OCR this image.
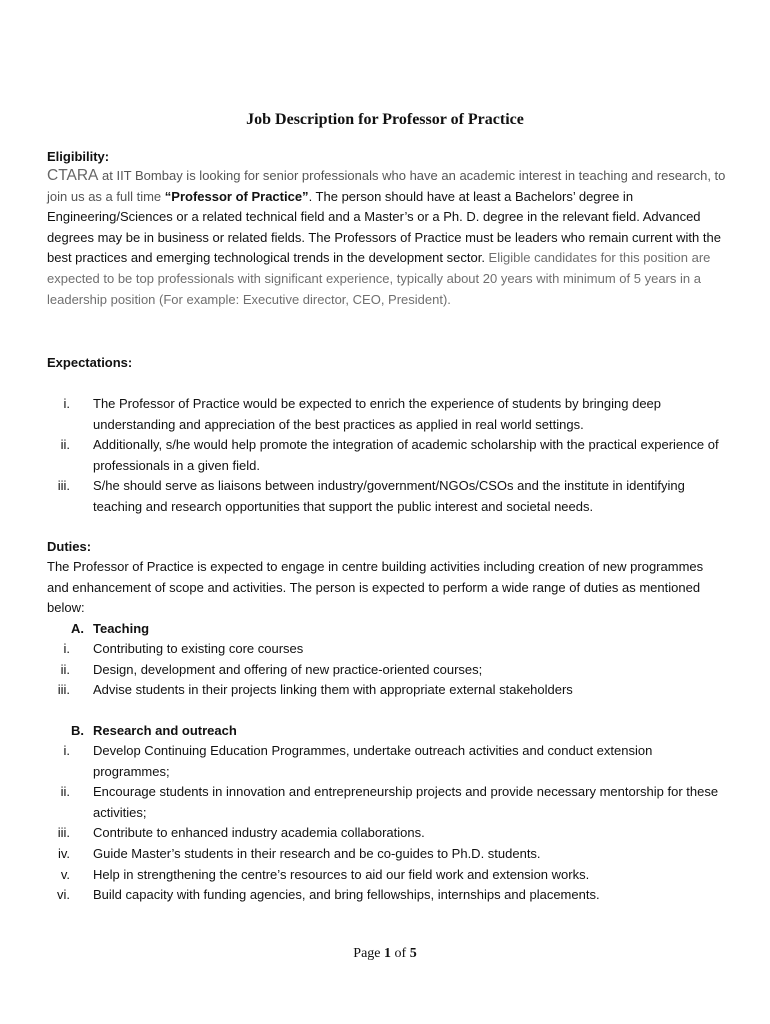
Job Description for Professor of Practice
Eligibility:
CTARA at IIT Bombay is looking for senior professionals who have an academic interest in teaching and research, to join us as a full time “Professor of Practice”. The person should have at least a Bachelors’ degree in Engineering/Sciences or a related technical field and a Master’s or a Ph. D. degree in the relevant field. Advanced degrees may be in business or related fields. The Professors of Practice must be leaders who remain current with the best practices and emerging technological trends in the development sector. Eligible candidates for this position are expected to be top professionals with significant experience, typically about 20 years with minimum of 5 years in a leadership position (For example: Executive director, CEO, President).
Expectations:
i. The Professor of Practice would be expected to enrich the experience of students by bringing deep understanding and appreciation of the best practices as applied in real world settings.
ii. Additionally, s/he would help promote the integration of academic scholarship with the practical experience of professionals in a given field.
iii. S/he should serve as liaisons between industry/government/NGOs/CSOs and the institute in identifying teaching and research opportunities that support the public interest and societal needs.
Duties:
The Professor of Practice is expected to engage in centre building activities including creation of new programmes and enhancement of scope and activities. The person is expected to perform a wide range of duties as mentioned below:
A. Teaching
i. Contributing to existing core courses
ii. Design, development and offering of new practice-oriented courses;
iii. Advise students in their projects linking them with appropriate external stakeholders
B. Research and outreach
i. Develop Continuing Education Programmes, undertake outreach activities and conduct extension programmes;
ii. Encourage students in innovation and entrepreneurship projects and provide necessary mentorship for these activities;
iii. Contribute to enhanced industry academia collaborations.
iv. Guide Master’s students in their research and be co-guides to Ph.D. students.
v. Help in strengthening the centre’s resources to aid our field work and extension works.
vi. Build capacity with funding agencies, and bring fellowships, internships and placements.
Page 1 of 5
